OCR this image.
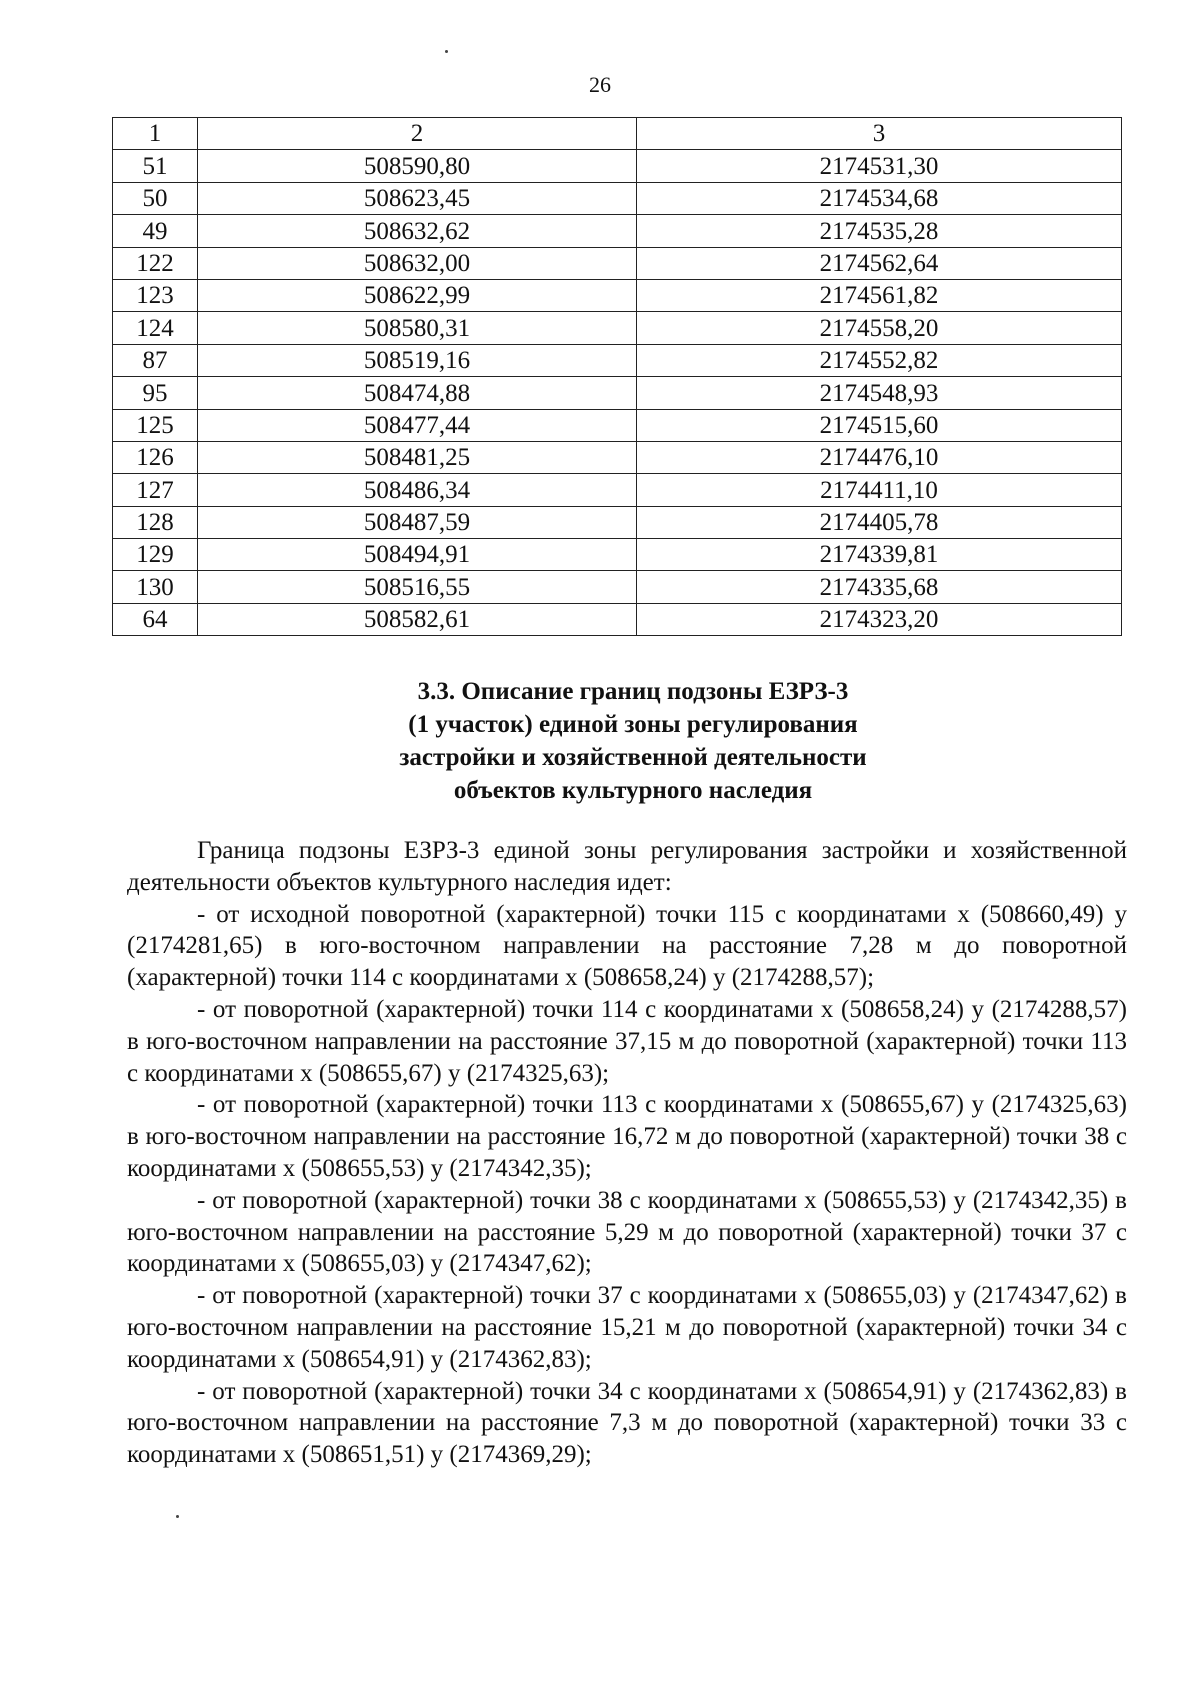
26
1	2	3
51	508590,80	2174531,30
50	508623,45	2174534,68
49	508632,62	2174535,28
122	508632,00	2174562,64
123	508622,99	2174561,82
124	508580,31	2174558,20
87	508519,16	2174552,82
95	508474,88	2174548,93
125	508477,44	2174515,60
126	508481,25	2174476,10
127	508486,34	2174411,10
128	508487,59	2174405,78
129	508494,91	2174339,81
130	508516,55	2174335,68
64	508582,61	2174323,20
3.3. Описание границ подзоны ЕЗРЗ-3
(1 участок) единой зоны регулирования
застройки и хозяйственной деятельности
объектов культурного наследия

Граница подзоны ЕЗРЗ-3 единой зоны регулирования застройки и хозяйственной деятельности объектов культурного наследия идет:

- от исходной поворотной (характерной) точки 115 с координатами x (508660,49) y (2174281,65) в юго-восточном направлении на расстояние 7,28 м до поворотной (характерной) точки 114 с координатами x (508658,24) y (2174288,57);

- от поворотной (характерной) точки 114 с координатами x (508658,24) y (2174288,57) в юго-восточном направлении на расстояние 37,15 м до поворотной (характерной) точки 113 с координатами x (508655,67) y (2174325,63);

- от поворотной (характерной) точки 113 с координатами x (508655,67) y (2174325,63) в юго-восточном направлении на расстояние 16,72 м до поворотной (характерной) точки 38 с координатами x (508655,53) y (2174342,35);

- от поворотной (характерной) точки 38 с координатами x (508655,53) y (2174342,35) в юго-восточном направлении на расстояние 5,29 м до поворотной (характерной) точки 37 с координатами x (508655,03) y (2174347,62);

- от поворотной (характерной) точки 37 с координатами x (508655,03) y (2174347,62) в юго-восточном направлении на расстояние 15,21 м до поворотной (характерной) точки 34 с координатами x (508654,91) y (2174362,83);

- от поворотной (характерной) точки 34 с координатами x (508654,91) y (2174362,83) в юго-восточном направлении на расстояние 7,3 м до поворотной (характерной) точки 33 с координатами x (508651,51) y (2174369,29);
